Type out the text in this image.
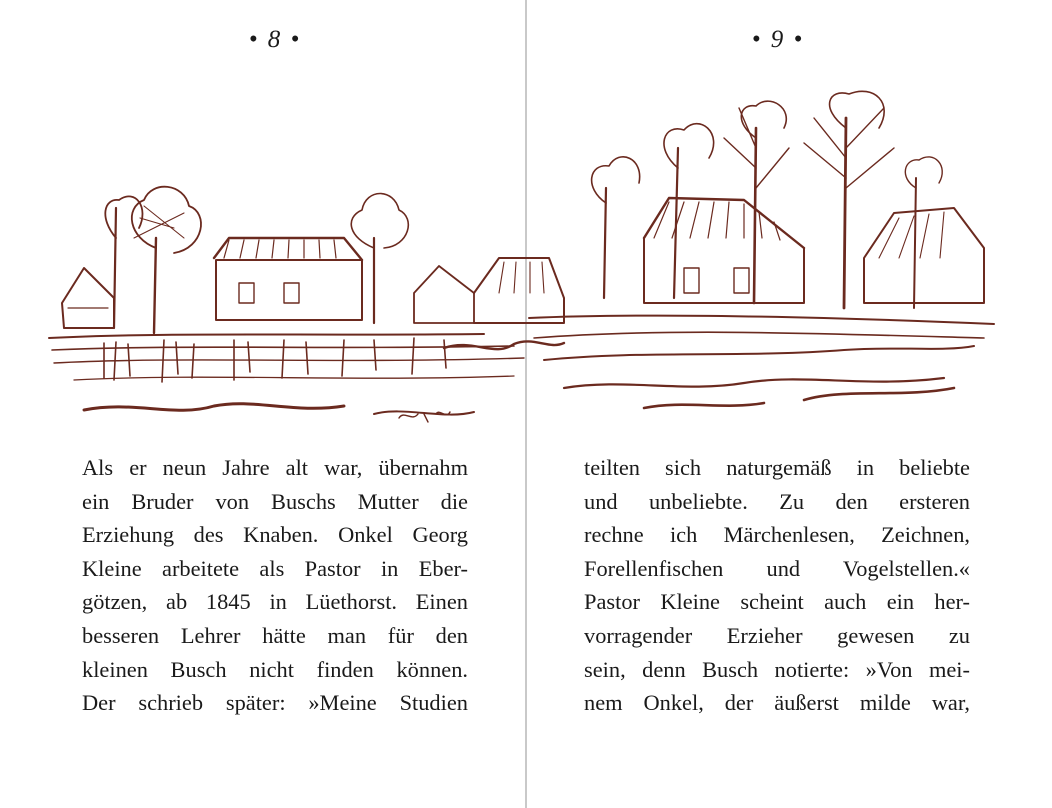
• 8 •	• 9 •
Als er neun Jahre alt war, übernahm
ein Bruder von Buschs Mutter die
Erziehung des Knaben. Onkel Georg
Kleine arbeitete als Pastor in Eber-
götzen, ab 1845 in Lüethorst. Einen
besseren Lehrer hätte man für den
kleinen Busch nicht finden können.
Der schrieb später: »Meine Studien
teilten sich naturgemäß in beliebte
und unbeliebte. Zu den ersteren
rechne ich Märchenlesen, Zeichnen,
Forellenfischen und Vogelstellen.«
Pastor Kleine scheint auch ein her-
vorragender Erzieher gewesen zu
sein, denn Busch notierte: »Von mei-
nem Onkel, der äußerst milde war,
